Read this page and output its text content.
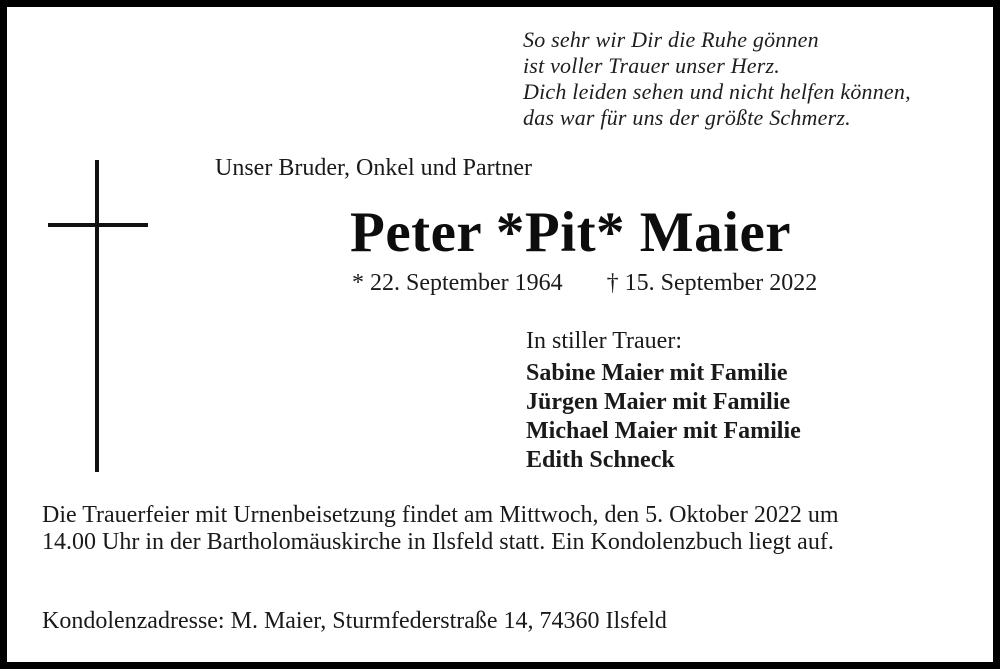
So sehr wir Dir die Ruhe gönnen
ist voller Trauer unser Herz.
Dich leiden sehen und nicht helfen können,
das war für uns der größte Schmerz.
Unser Bruder, Onkel und Partner
Peter *Pit* Maier
* 22. September 1964 † 15. September 2022
In stiller Trauer:
Sabine Maier mit Familie
Jürgen Maier mit Familie
Michael Maier mit Familie
Edith Schneck
Die Trauerfeier mit Urnenbeisetzung findet am Mittwoch, den 5. Oktober 2022 um
14.00 Uhr in der Bartholomäuskirche in Ilsfeld statt. Ein Kondolenzbuch liegt auf.
Kondolenzadresse: M. Maier, Sturmfederstraße 14, 74360 Ilsfeld
